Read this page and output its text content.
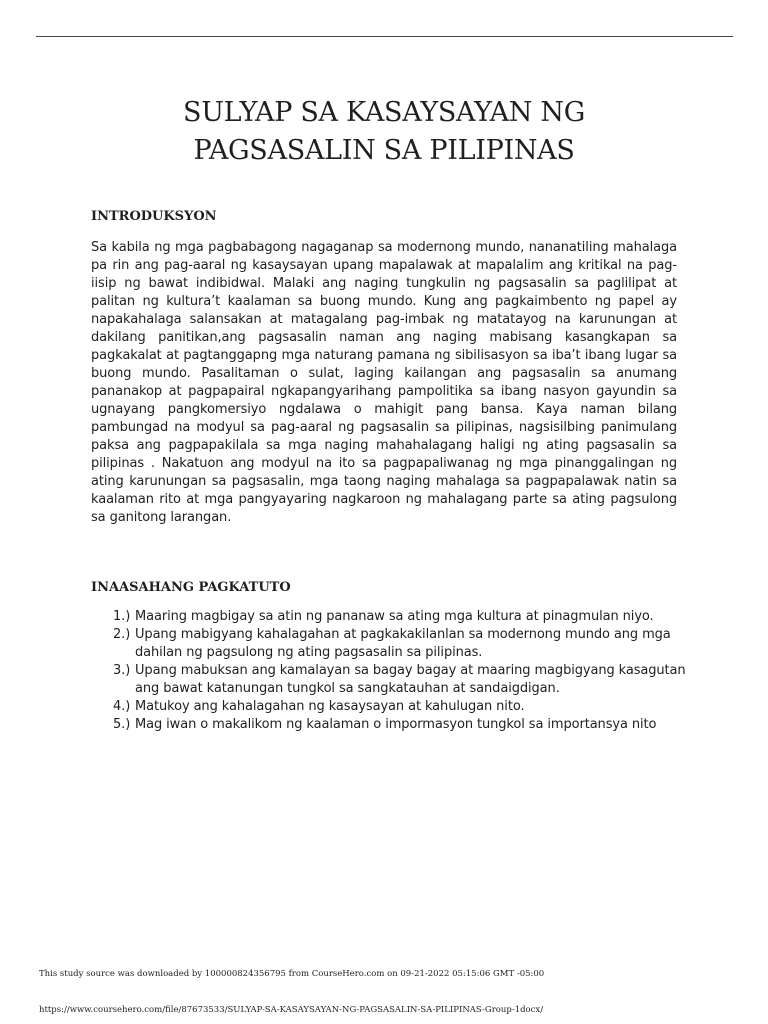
SULYAP SA KASAYSAYAN NG
PAGSASALIN SA PILIPINAS
INTRODUKSYON

Sa kabila ng mga pagbabagong nagaganap sa modernong mundo, nananatiling mahalaga pa rin ang pag-aaral ng kasaysayan upang mapalawak at mapalalim ang kritikal na pag-iisip ng bawat indibidwal. Malaki ang naging tungkulin ng pagsasalin sa paglilipat at palitan ng kultura’t kaalaman sa buong mundo. Kung ang pagkaimbento ng papel ay napakahalaga salansakan at matagalang pag-imbak ng matatayog na karunungan at dakilang panitikan,ang pagsasalin naman ang naging mabisang kasangkapan sa pagkakalat at pagtanggapng mga naturang pamana ng sibilisasyon sa iba’t ibang lugar sa buong mundo. Pasalitaman o sulat, laging kailangan ang pagsasalin sa anumang pananakop at pagpapairal ngkapangyarihang pampolitika sa ibang nasyon gayundin sa ugnayang pangkomersiyo ngdalawa o mahigit pang bansa. Kaya naman bilang pambungad na modyul sa pag-aaral ng pagsasalin sa pilipinas, nagsisilbing panimulang paksa ang pagpapakilala sa mga naging mahahalagang haligi ng ating pagsasalin sa pilipinas . Nakatuon ang modyul na ito sa pagpapaliwanag ng mga pinanggalingan ng ating karunungan sa pagsasalin, mga taong naging mahalaga sa pagpapalawak natin sa kaalaman rito at mga pangyayaring nagkaroon ng mahalagang parte sa ating pagsulong sa ganitong larangan.

INAASAHANG PAGKATUTO
1.) Maaring magbigay sa atin ng pananaw sa ating mga kultura at pinagmulan niyo.
2.) Upang mabigyang kahalagahan at pagkakakilanlan sa modernong mundo ang mga dahilan ng pagsulong ng ating pagsasalin sa pilipinas.
3.) Upang mabuksan ang kamalayan sa bagay bagay at maaring magbigyang kasagutan ang bawat katanungan tungkol sa sangkatauhan at sandaigdigan.
4.) Matukoy ang kahalagahan ng kasaysayan at kahulugan nito.
5.) Mag iwan o makalikom ng kaalaman o impormasyon tungkol sa importansya nito

This study source was downloaded by 100000824356795 from CourseHero.com on 09-21-2022 05:15:06 GMT -05:00

https://www.coursehero.com/file/87673533/SULYAP-SA-KASAYSAYAN-NG-PAGSASALIN-SA-PILIPINAS-Group-1docx/
